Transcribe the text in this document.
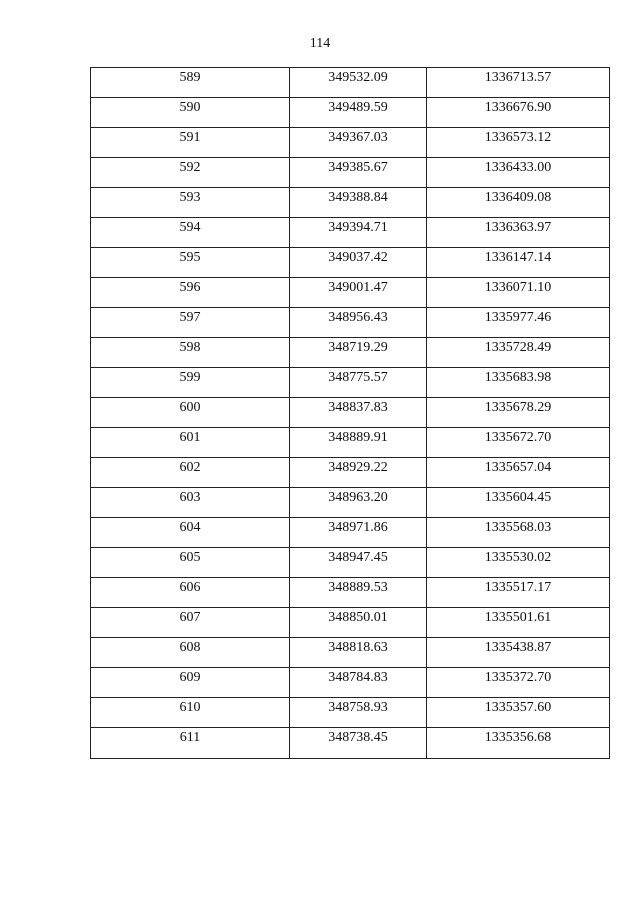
114
589	349532.09	1336713.57
590	349489.59	1336676.90
591	349367.03	1336573.12
592	349385.67	1336433.00
593	349388.84	1336409.08
594	349394.71	1336363.97
595	349037.42	1336147.14
596	349001.47	1336071.10
597	348956.43	1335977.46
598	348719.29	1335728.49
599	348775.57	1335683.98
600	348837.83	1335678.29
601	348889.91	1335672.70
602	348929.22	1335657.04
603	348963.20	1335604.45
604	348971.86	1335568.03
605	348947.45	1335530.02
606	348889.53	1335517.17
607	348850.01	1335501.61
608	348818.63	1335438.87
609	348784.83	1335372.70
610	348758.93	1335357.60
611	348738.45	1335356.68
